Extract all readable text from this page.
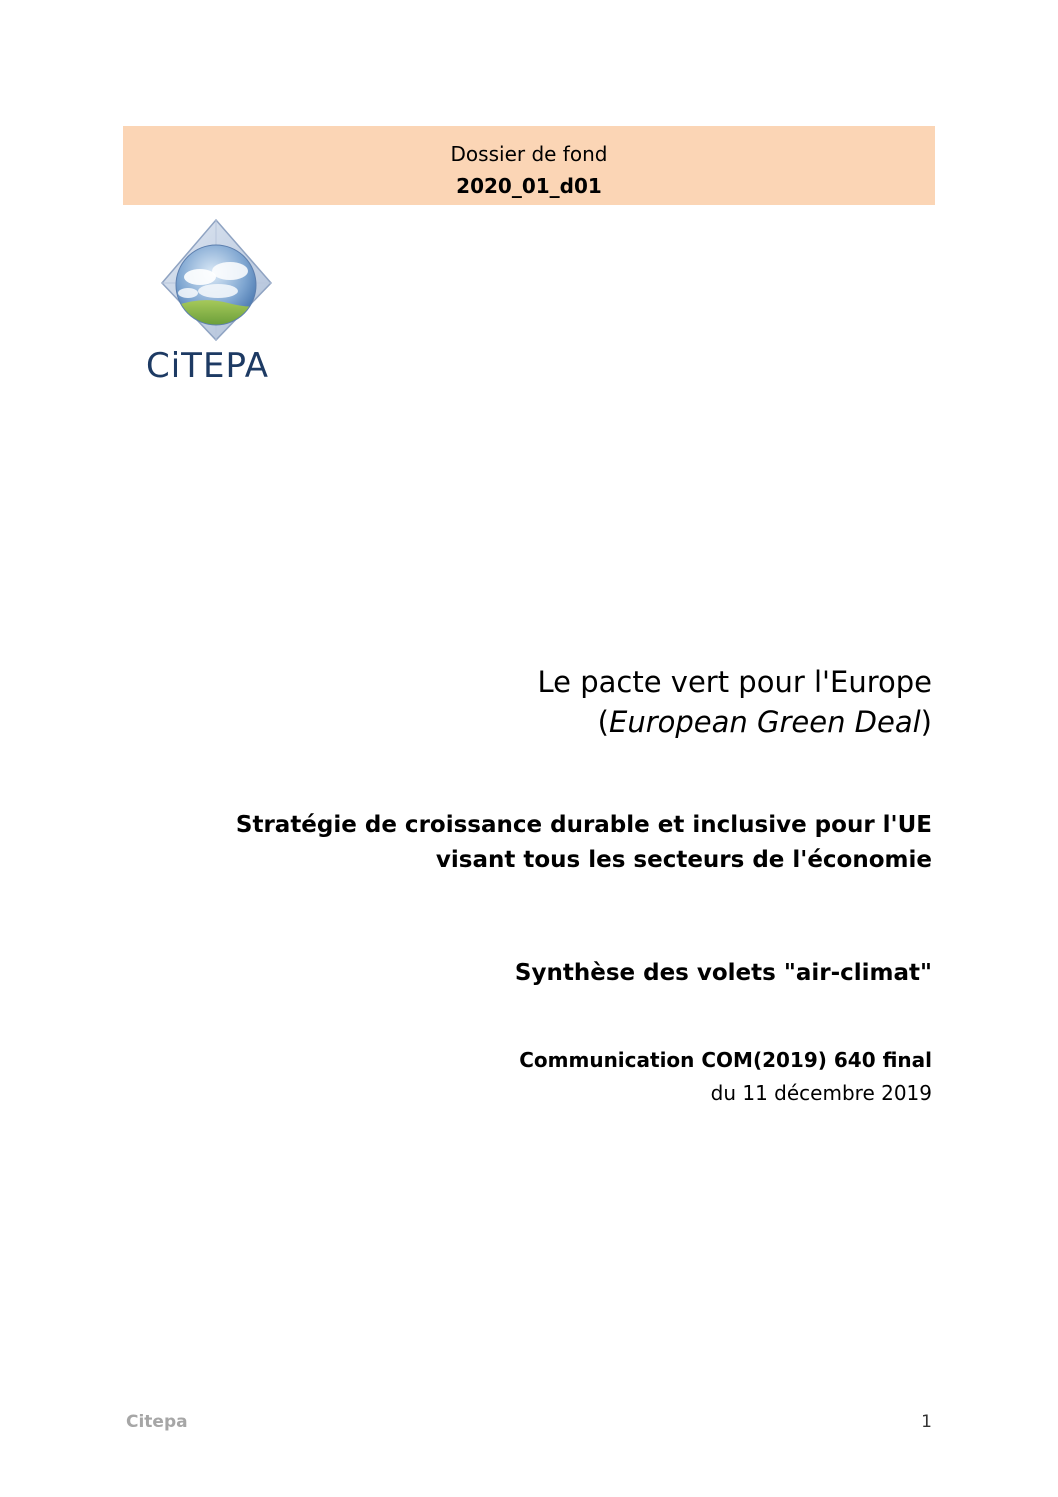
Dossier de fond
2020_01_d01
CiTEPA
Le pacte vert pour l'Europe
(European Green Deal)
Stratégie de croissance durable et inclusive pour l'UE
visant tous les secteurs de l'économie
Synthèse des volets "air-climat"
Communication COM(2019) 640 final
du 11 décembre 2019
Citepa	1
